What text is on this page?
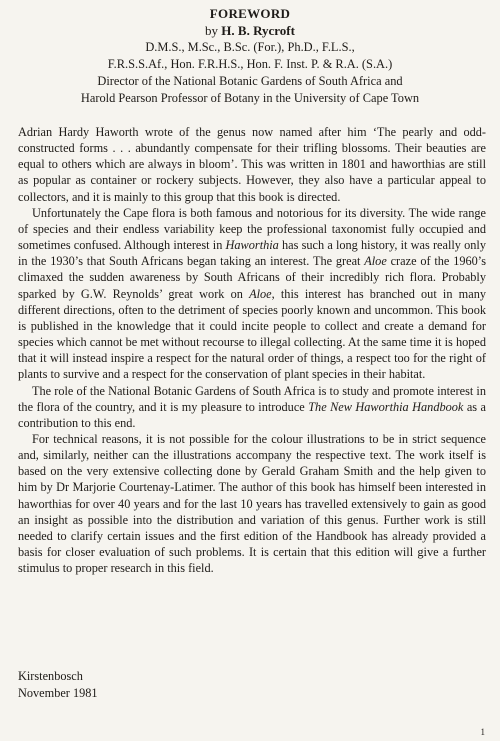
FOREWORD
by H. B. Rycroft
D.M.S., M.Sc., B.Sc. (For.), Ph.D., F.L.S.,
F.R.S.S.Af., Hon. F.R.H.S., Hon. F. Inst. P. & R.A. (S.A.)
Director of the National Botanic Gardens of South Africa and
Harold Pearson Professor of Botany in the University of Cape Town

Adrian Hardy Haworth wrote of the genus now named after him ‘The pearly and odd-constructed forms . . . abundantly compensate for their trifling blossoms. Their beauties are equal to others which are always in bloom’. This was written in 1801 and haworthias are still as popular as container or rockery subjects. However, they also have a particular appeal to collectors, and it is mainly to this group that this book is directed.

Unfortunately the Cape flora is both famous and notorious for its diversity. The wide range of species and their endless variability keep the professional taxonomist fully occupied and sometimes confused. Although interest in Haworthia has such a long history, it was really only in the 1930’s that South Africans began taking an interest. The great Aloe craze of the 1960’s climaxed the sudden awareness by South Africans of their incredibly rich flora. Probably sparked by G.W. Reynolds’ great work on Aloe, this interest has branched out in many different directions, often to the detriment of species poorly known and uncommon. This book is published in the knowledge that it could incite people to collect and create a demand for species which cannot be met without recourse to illegal collecting. At the same time it is hoped that it will instead inspire a respect for the natural order of things, a respect too for the right of plants to survive and a respect for the conservation of plant species in their habitat.

The role of the National Botanic Gardens of South Africa is to study and promote interest in the flora of the country, and it is my pleasure to introduce The New Haworthia Handbook as a contribution to this end.

For technical reasons, it is not possible for the colour illustrations to be in strict sequence and, similarly, neither can the illustrations accompany the respective text. The work itself is based on the very extensive collecting done by Gerald Graham Smith and the help given to him by Dr Marjorie Courtenay-Latimer. The author of this book has himself been interested in haworthias for over 40 years and for the last 10 years has travelled extensively to gain as good an insight as possible into the distribution and variation of this genus. Further work is still needed to clarify certain issues and the first edition of the Handbook has already provided a basis for closer evaluation of such problems. It is certain that this edition will give a further stimulus to proper research in this field.

Kirstenbosch
November 1981
1
